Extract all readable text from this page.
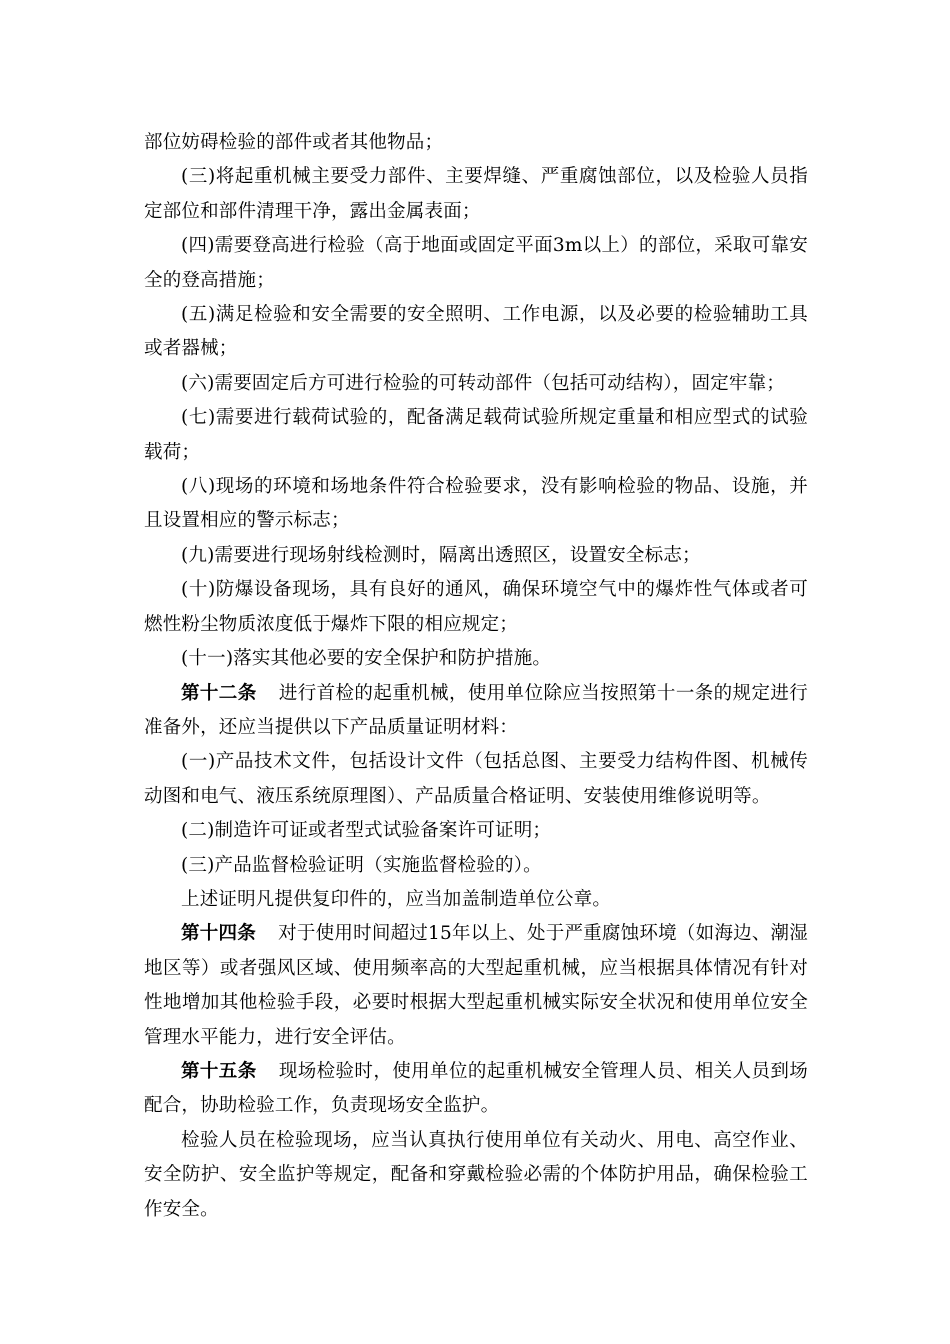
部位妨碍检验的部件或者其他物品；

(三)将起重机械主要受力部件、主要焊缝、严重腐蚀部位，以及检验人员指定部位和部件清理干净，露出金属表面；

(四)需要登高进行检验（高于地面或固定平面3m以上）的部位，采取可靠安全的登高措施；

(五)满足检验和安全需要的安全照明、工作电源，以及必要的检验辅助工具或者器械；

(六)需要固定后方可进行检验的可转动部件（包括可动结构），固定牢靠；

(七)需要进行载荷试验的，配备满足载荷试验所规定重量和相应型式的试验载荷；

(八)现场的环境和场地条件符合检验要求，没有影响检验的物品、设施，并且设置相应的警示标志；

(九)需要进行现场射线检测时，隔离出透照区，设置安全标志；

(十)防爆设备现场，具有良好的通风，确保环境空气中的爆炸性气体或者可燃性粉尘物质浓度低于爆炸下限的相应规定；

(十一)落实其他必要的安全保护和防护措施。

第十二条 进行首检的起重机械，使用单位除应当按照第十一条的规定进行准备外，还应当提供以下产品质量证明材料：

(一)产品技术文件，包括设计文件（包括总图、主要受力结构件图、机械传动图和电气、液压系统原理图）、产品质量合格证明、安装使用维修说明等。

(二)制造许可证或者型式试验备案许可证明；

(三)产品监督检验证明（实施监督检验的）。

上述证明凡提供复印件的，应当加盖制造单位公章。

第十四条 对于使用时间超过15年以上、处于严重腐蚀环境（如海边、潮湿地区等）或者强风区域、使用频率高的大型起重机械，应当根据具体情况有针对性地增加其他检验手段，必要时根据大型起重机械实际安全状况和使用单位安全管理水平能力，进行安全评估。

第十五条 现场检验时，使用单位的起重机械安全管理人员、相关人员到场配合，协助检验工作，负责现场安全监护。

检验人员在检验现场，应当认真执行使用单位有关动火、用电、高空作业、安全防护、安全监护等规定，配备和穿戴检验必需的个体防护用品，确保检验工作安全。
